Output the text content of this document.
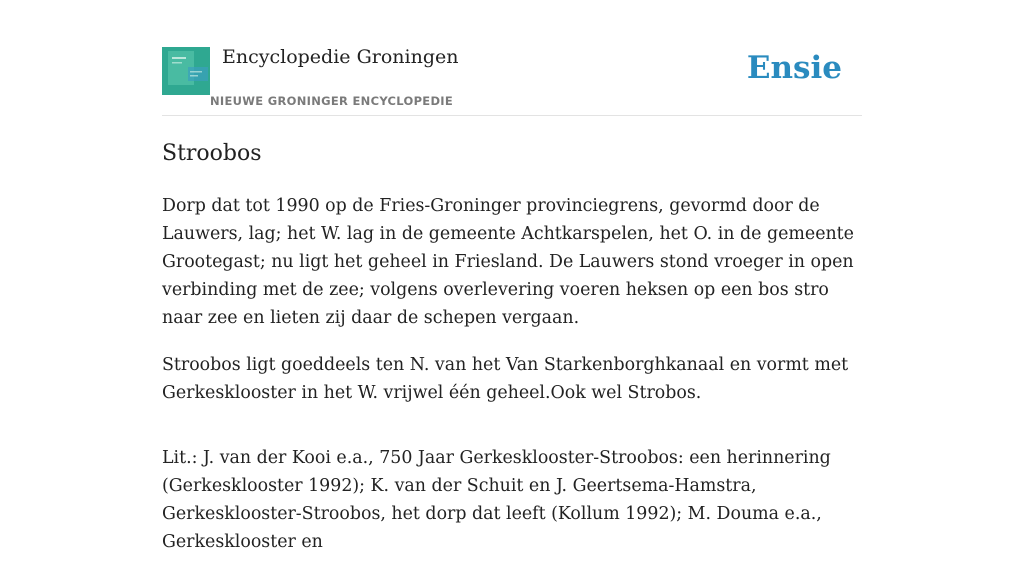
Encyclopedie Groningen
NIEUWE GRONINGER ENCYCLOPEDIE
Ensie
Stroobos

Dorp dat tot 1990 op de Fries-Groninger provinciegrens, gevormd door de Lauwers, lag; het W. lag in de gemeente Achtkarspelen, het O. in de gemeente Grootegast; nu ligt het geheel in Friesland. De Lauwers stond vroeger in open verbinding met de zee; volgens overlevering voeren heksen op een bos stro naar zee en lieten zij daar de schepen vergaan.

Stroobos ligt goeddeels ten N. van het Van Starkenborghkanaal en vormt met Gerkesklooster in het W. vrijwel één geheel.Ook wel Strobos.

Lit.: J. van der Kooi e.a., 750 Jaar Gerkesklooster-Stroobos: een herinnering (Gerkesklooster 1992); K. van der Schuit en J. Geertsema-Hamstra, Gerkesklooster-Stroobos, het dorp dat leeft (Kollum 1992); M. Douma e.a., Gerkesklooster en
